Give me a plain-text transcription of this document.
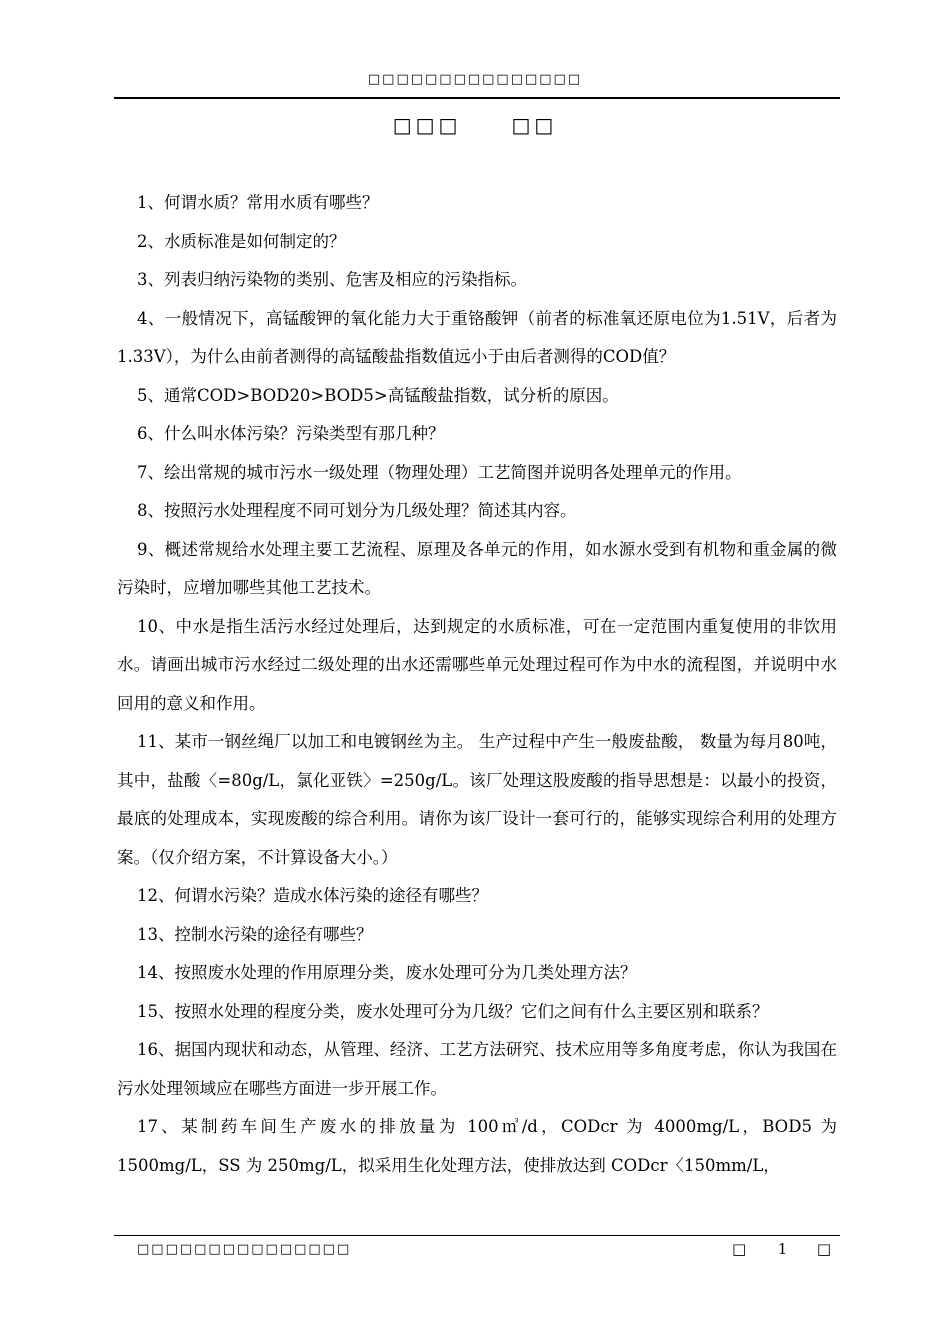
□□□□□□□□□□□□□□□
□□□	□□

1、何谓水质？常用水质有哪些？

2、水质标准是如何制定的？

3、列表归纳污染物的类别、危害及相应的污染指标。

4、一般情况下，高锰酸钾的氧化能力大于重铬酸钾（前者的标准氧还原电位为1.51V，后者为1.33V），为什么由前者测得的高锰酸盐指数值远小于由后者测得的COD值？

5、通常COD>BOD20>BOD5>高锰酸盐指数，试分析的原因。

6、什么叫水体污染？污染类型有那几种？

7、绘出常规的城市污水一级处理（物理处理）工艺简图并说明各处理单元的作用。

8、按照污水处理程度不同可划分为几级处理？简述其内容。

9、概述常规给水处理主要工艺流程、原理及各单元的作用，如水源水受到有机物和重金属的微污染时，应增加哪些其他工艺技术。

10、中水是指生活污水经过处理后，达到规定的水质标准，可在一定范围内重复使用的非饮用水。请画出城市污水经过二级处理的出水还需哪些单元处理过程可作为中水的流程图，并说明中水回用的意义和作用。

11、某市一钢丝绳厂以加工和电镀钢丝为主。 生产过程中产生一般废盐酸， 数量为每月80吨，其中，盐酸〈=80g/L，氯化亚铁〉=250g/L。该厂处理这股废酸的指导思想是：以最小的投资，最底的处理成本，实现废酸的综合利用。请你为该厂设计一套可行的，能够实现综合利用的处理方案。（仅介绍方案，不计算设备大小。）

12、何谓水污染？造成水体污染的途径有哪些？

13、控制水污染的途径有哪些？

14、按照废水处理的作用原理分类，废水处理可分为几类处理方法？

15、按照水处理的程度分类，废水处理可分为几级？它们之间有什么主要区别和联系？

16、据国内现状和动态，从管理、经济、工艺方法研究、技术应用等多角度考虑，你认为我国在污水处理领域应在哪些方面进一步开展工作。

17、某制药车间生产废水的排放量为 100㎥/d，CODcr 为 4000mg/L，BOD5 为1500mg/L，SS 为 250mg/L，拟采用生化处理方法，使排放达到 CODcr〈150mm/L，

□□□□□□□□□□□□□□□	□ 1 □
